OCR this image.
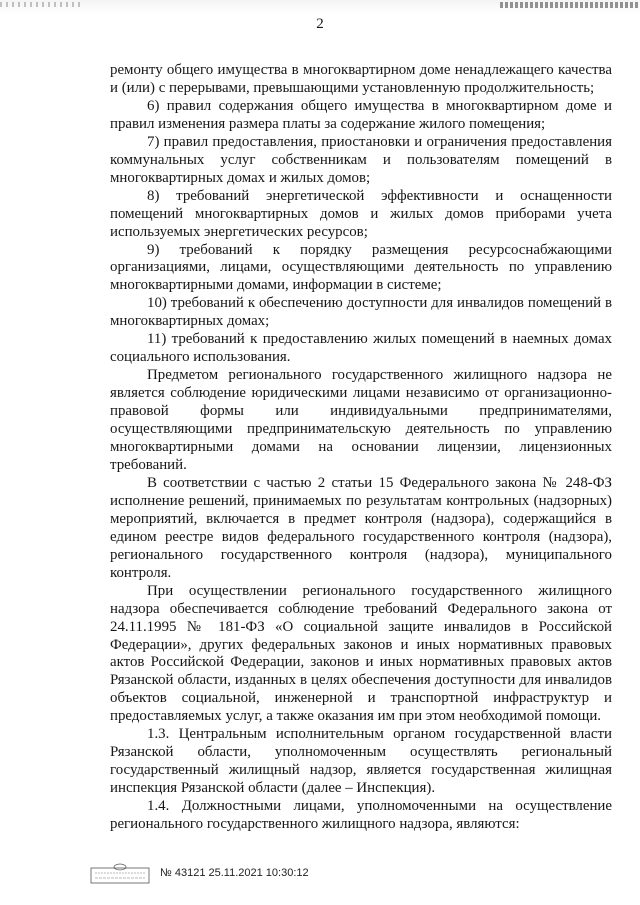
2

ремонту общего имущества в многоквартирном доме ненадлежащего качества и (или) с перерывами, превышающими установленную продолжительность;

6) правил содержания общего имущества в многоквартирном доме и правил изменения размера платы за содержание жилого помещения;

7) правил предоставления, приостановки и ограничения предоставления коммунальных услуг собственникам и пользователям помещений в многоквартирных домах и жилых домов;

8) требований энергетической эффективности и оснащенности помещений многоквартирных домов и жилых домов приборами учета используемых энергетических ресурсов;

9) требований к порядку размещения ресурсоснабжающими организациями, лицами, осуществляющими деятельность по управлению многоквартирными домами, информации в системе;

10) требований к обеспечению доступности для инвалидов помещений в многоквартирных домах;

11) требований к предоставлению жилых помещений в наемных домах социального использования.

Предметом регионального государственного жилищного надзора не является соблюдение юридическими лицами независимо от организационно-правовой формы или индивидуальными предпринимателями, осуществляющими предпринимательскую деятельность по управлению многоквартирными домами на основании лицензии, лицензионных требований.

В соответствии с частью 2 статьи 15 Федерального закона № 248-ФЗ исполнение решений, принимаемых по результатам контрольных (надзорных) мероприятий, включается в предмет контроля (надзора), содержащийся в едином реестре видов федерального государственного контроля (надзора), регионального государственного контроля (надзора), муниципального контроля.

При осуществлении регионального государственного жилищного надзора обеспечивается соблюдение требований Федерального закона от 24.11.1995 № 181-ФЗ «О социальной защите инвалидов в Российской Федерации», других федеральных законов и иных нормативных правовых актов Российской Федерации, законов и иных нормативных правовых актов Рязанской области, изданных в целях обеспечения доступности для инвалидов объектов социальной, инженерной и транспортной инфраструктур и предоставляемых услуг, а также оказания им при этом необходимой помощи.

1.3. Центральным исполнительным органом государственной власти Рязанской области, уполномоченным осуществлять региональный государственный жилищный надзор, является государственная жилищная инспекция Рязанской области (далее – Инспекция).

1.4. Должностными лицами, уполномоченными на осуществление регионального государственного жилищного надзора, являются:

№ 43121 25.11.2021 10:30:12
